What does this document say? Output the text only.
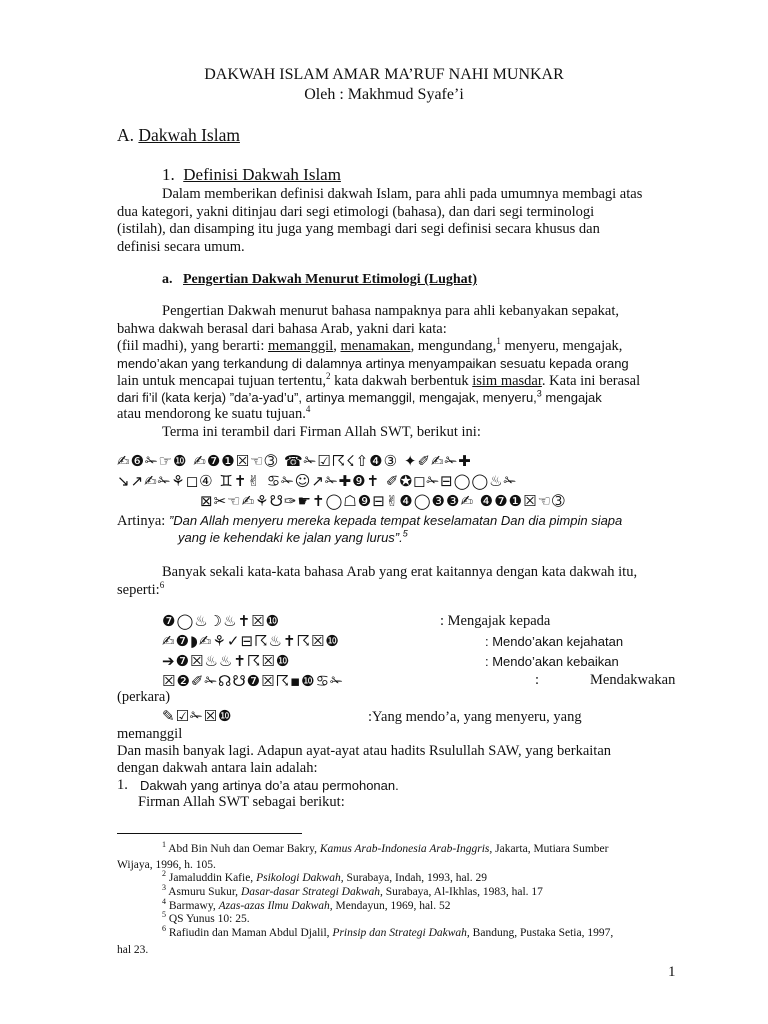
DAKWAH ISLAM AMAR MA’RUF NAHI MUNKAR
Oleh : Makhmud Syafe’i
A. Dakwah Islam
1. Definisi Dakwah Islam
Dalam memberikan definisi dakwah Islam, para ahli pada umumnya membagi atas
dua kategori, yakni ditinjau dari segi etimologi (bahasa), dan dari segi terminologi
(istilah), dan disamping itu juga yang membagi dari segi definisi secara khusus dan
definisi secara umum.
a. Pengertian Dakwah Menurut Etimologi (Lughat)
Pengertian Dakwah menurut bahasa nampaknya para ahli kebanyakan sepakat,
bahwa dakwah berasal dari bahasa Arab, yakni dari kata:
(fiil madhi), yang berarti: memanggil, menamakan, mengundang,$^1$ menyeru, mengajak,
mendo’akan yang terkandung di dalamnya artinya menyampaikan sesuatu kepada orang
lain untuk mencapai tujuan tertentu,$^2$ kata dakwah berbentuk isim masdar. Kata ini berasal
dari fi’il (kata kerja) ”da’a-yad’u”, artinya memanggil, mengajak, menyeru,$^3$ mengajak
atau mendorong ke suatu tujuan.$^4$
Terma ini terambil dari Firman Allah SWT, berikut ini:
✍❻✁☞❿ ✍❼❶☒☜➂ ☎✁☑☈☇⇧❹③ ✦✐✍✁✚
↘↗✍✁⚘◻④ ♊✝✌ ♋✁☺↗✁✚❾✝ ✐✪◻✁⊟◯◯♨✁
⊠✂☜✍⚘☋✑☛✝◯☖❾⊟✌❹◯❸❸✍ ❹❼❶☒☜➂
Artinya: ”Dan Allah menyeru mereka kepada tempat keselamatan Dan dia pimpin siapa
yang ie kehendaki ke jalan yang lurus”.$^5$
Banyak sekali kata-kata bahasa Arab yang erat kaitannya dengan kata dakwah itu,
seperti:$^6$
❼◯♨☽♨✝☒❿	: Mengajak kepada
✍❼◗✍⚘✓⊟☈♨✝☈☒❿	: Mendo’akan kejahatan
➔❼☒♨♨✝☈☒❿	: Mendo’akan kebaikan
☒❷✐✁☊☋❼☒☈▪❿♋✁	:	Mendakwakan
(perkara)
✎☑✁☒❿	:Yang mendo’a, yang menyeru, yang
memanggil
Dan masih banyak lagi. Adapun ayat-ayat atau hadits Rsulullah SAW, yang berkaitan
dengan dakwah antara lain adalah:
1. Dakwah yang artinya do’a atau permohonan.
Firman Allah SWT sebagai berikut:
$^1$ Abd Bin Nuh dan Oemar Bakry, Kamus Arab-Indonesia Arab-Inggris, Jakarta, Mutiara Sumber
Wijaya, 1996, h. 105.
$^2$ Jamaluddin Kafie, Psikologi Dakwah, Surabaya, Indah, 1993, hal. 29
$^3$ Asmuru Sukur, Dasar-dasar Strategi Dakwah, Surabaya, Al-Ikhlas, 1983, hal. 17
$^4$ Barmawy, Azas-azas Ilmu Dakwah, Mendayun, 1969, hal. 52
$^5$ QS Yunus 10: 25.
$^6$ Rafiudin dan Maman Abdul Djalil, Prinsip dan Strategi Dakwah, Bandung, Pustaka Setia, 1997,
hal 23.
1
